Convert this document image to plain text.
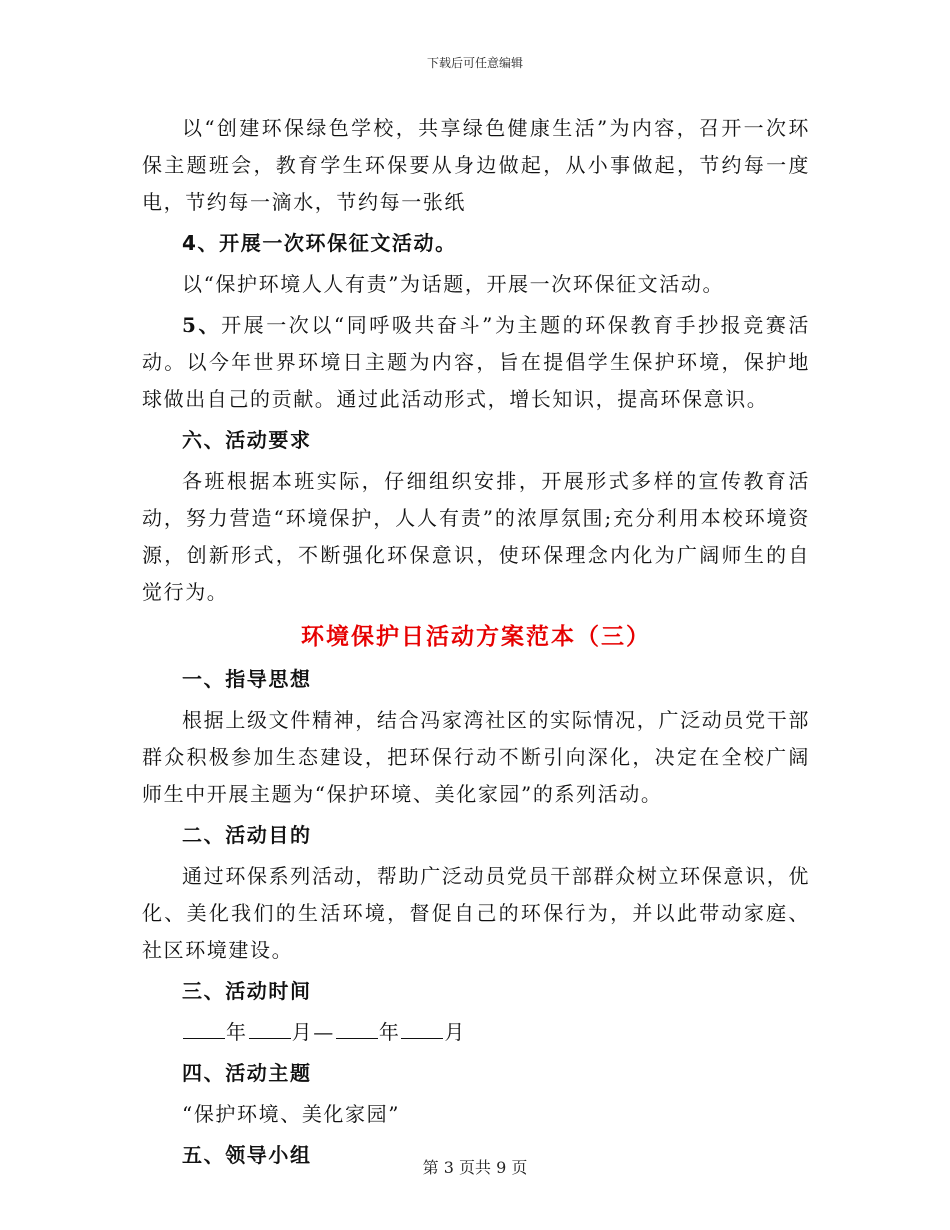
下载后可任意编辑

以“创建环保绿色学校，共享绿色健康生活”为内容，召开一次环保主题班会，教育学生环保要从身边做起，从小事做起，节约每一度电，节约每一滴水，节约每一张纸

4、开展一次环保征文活动。

以“保护环境人人有责”为话题，开展一次环保征文活动。

5、开展一次以“同呼吸共奋斗”为主题的环保教育手抄报竞赛活动。以今年世界环境日主题为内容，旨在提倡学生保护环境，保护地球做出自己的贡献。通过此活动形式，增长知识，提高环保意识。

六、活动要求

各班根据本班实际，仔细组织安排，开展形式多样的宣传教育活动，努力营造“环境保护，人人有责”的浓厚氛围;充分利用本校环境资源，创新形式，不断强化环保意识，使环保理念内化为广阔师生的自觉行为。

环境保护日活动方案范本（三）

一、指导思想

根据上级文件精神，结合冯家湾社区的实际情况，广泛动员党干部群众积极参加生态建设，把环保行动不断引向深化，决定在全校广阔师生中开展主题为“保护环境、美化家园”的系列活动。

二、活动目的

通过环保系列活动，帮助广泛动员党员干部群众树立环保意识，优化、美化我们的生活环境，督促自己的环保行为，并以此带动家庭、社区环境建设。

三、活动时间

年 月— 年 月

四、活动主题

“保护环境、美化家园”

五、领导小组

第 3 页共 9 页
